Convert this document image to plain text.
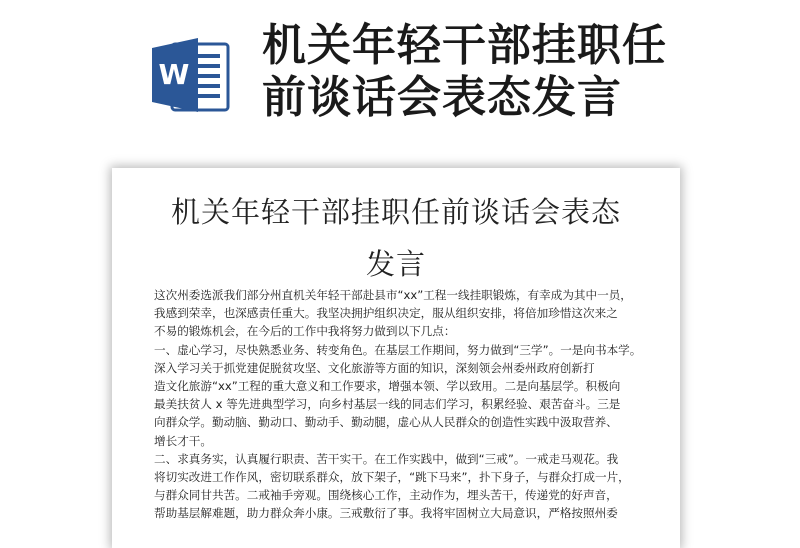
W
机关年轻干部挂职任
前谈话会表态发言
机关年轻干部挂职任前谈话会表态
发言
这次州委选派我们部分州直机关年轻干部赴县市“xx”工程一线挂职锻炼，有幸成为其中一员，
我感到荣幸，也深感责任重大。我坚决拥护组织决定，服从组织安排，将倍加珍惜这次来之
不易的锻炼机会，在今后的工作中我将努力做到以下几点：
一、虚心学习，尽快熟悉业务、转变角色。在基层工作期间，努力做到“三学”。一是向书本学。
深入学习关于抓党建促脱贫攻坚、文化旅游等方面的知识，深刻领会州委州政府创新打
造文化旅游“xx”工程的重大意义和工作要求，增强本领、学以致用。二是向基层学。积极向
最美扶贫人 x 等先进典型学习，向乡村基层一线的同志们学习，积累经验、艰苦奋斗。三是
向群众学。勤动脑、勤动口、勤动手、勤动腿，虚心从人民群众的创造性实践中汲取营养、
增长才干。
二、求真务实，认真履行职责、苦干实干。在工作实践中，做到“三戒”。一戒走马观花。我
将切实改进工作作风，密切联系群众，放下架子，“跳下马来”，扑下身子，与群众打成一片，
与群众同甘共苦。二戒袖手旁观。围绕核心工作，主动作为，埋头苦干，传递党的好声音，
帮助基层解难题，助力群众奔小康。三戒敷衍了事。我将牢固树立大局意识，严格按照州委
